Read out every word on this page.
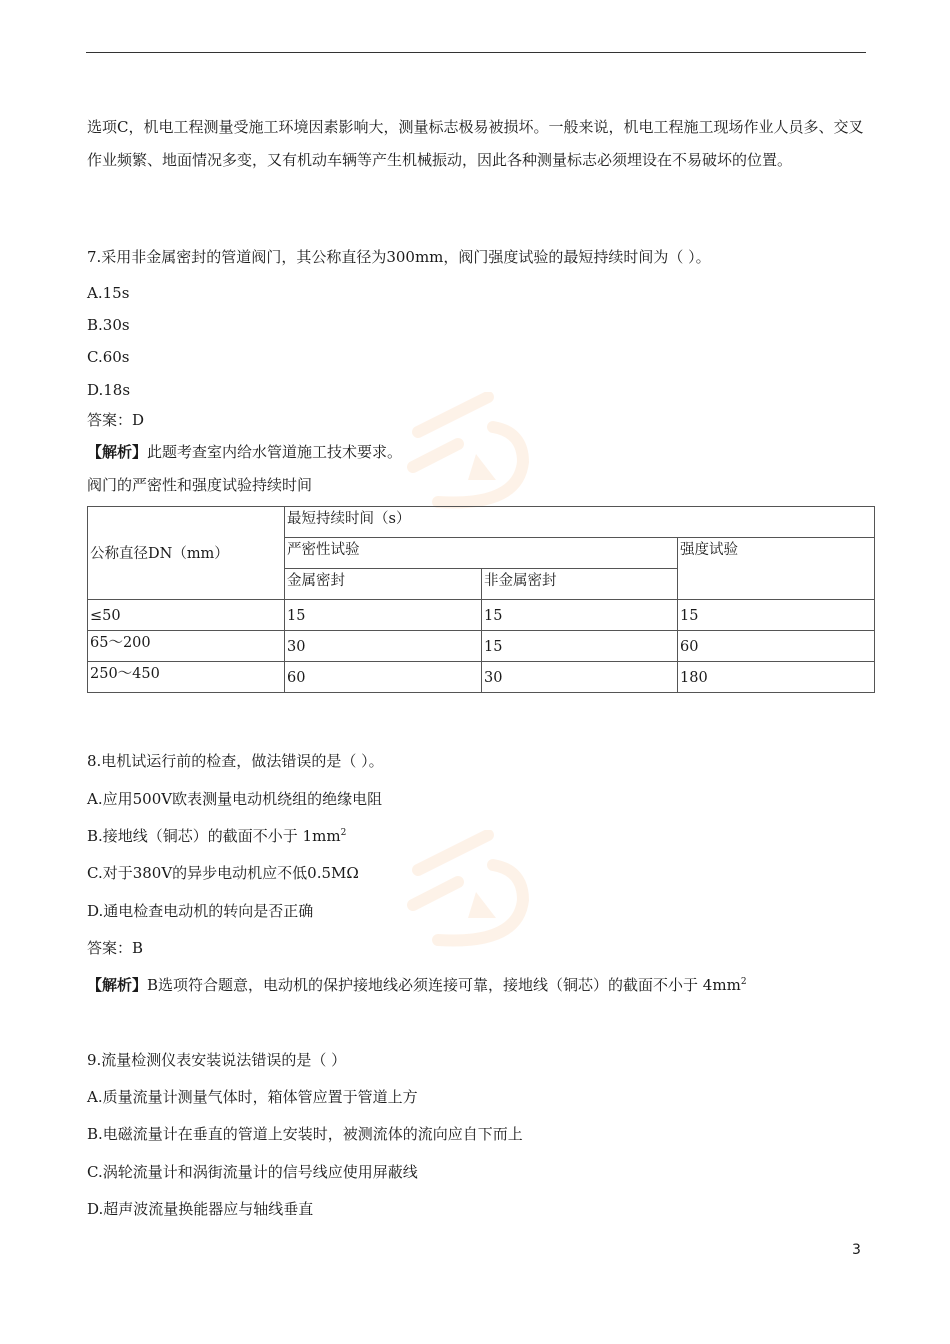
选项C，机电工程测量受施工环境因素影响大，测量标志极易被损坏。一般来说，机电工程施工现场作业人员多、交叉作业频繁、地面情况多变，又有机动车辆等产生机械振动，因此各种测量标志必须埋设在不易破坏的位置。

7.采用非金属密封的管道阀门，其公称直径为300mm，阀门强度试验的最短持续时间为（ ）。
A.15s
B.30s
C.60s
D.18s
答案：D
【解析】此题考查室内给水管道施工技术要求。
阀门的严密性和强度试验持续时间
公称直径DN（mm）	最短持续时间（s）		
	严密性试验		强度试验
	金属密封	非金属密封	
≤50	15	15	15
65～200	30	15	60
250～450	60	30	180
8.电机试运行前的检查，做法错误的是（ ）。
A.应用500V欧表测量电动机绕组的绝缘电阻
B.接地线（铜芯）的截面不小于 $1mm^2$
C.对于380V的异步电动机应不低0.5MΩ
D.通电检查电动机的转向是否正确
答案：B
【解析】B选项符合题意，电动机的保护接地线必须连接可靠，接地线（铜芯）的截面不小于 $4mm^2$
9.流量检测仪表安装说法错误的是（ ）
A.质量流量计测量气体时，箱体管应置于管道上方
B.电磁流量计在垂直的管道上安装时，被测流体的流向应自下而上
C.涡轮流量计和涡街流量计的信号线应使用屏蔽线
D.超声波流量换能器应与轴线垂直
3
